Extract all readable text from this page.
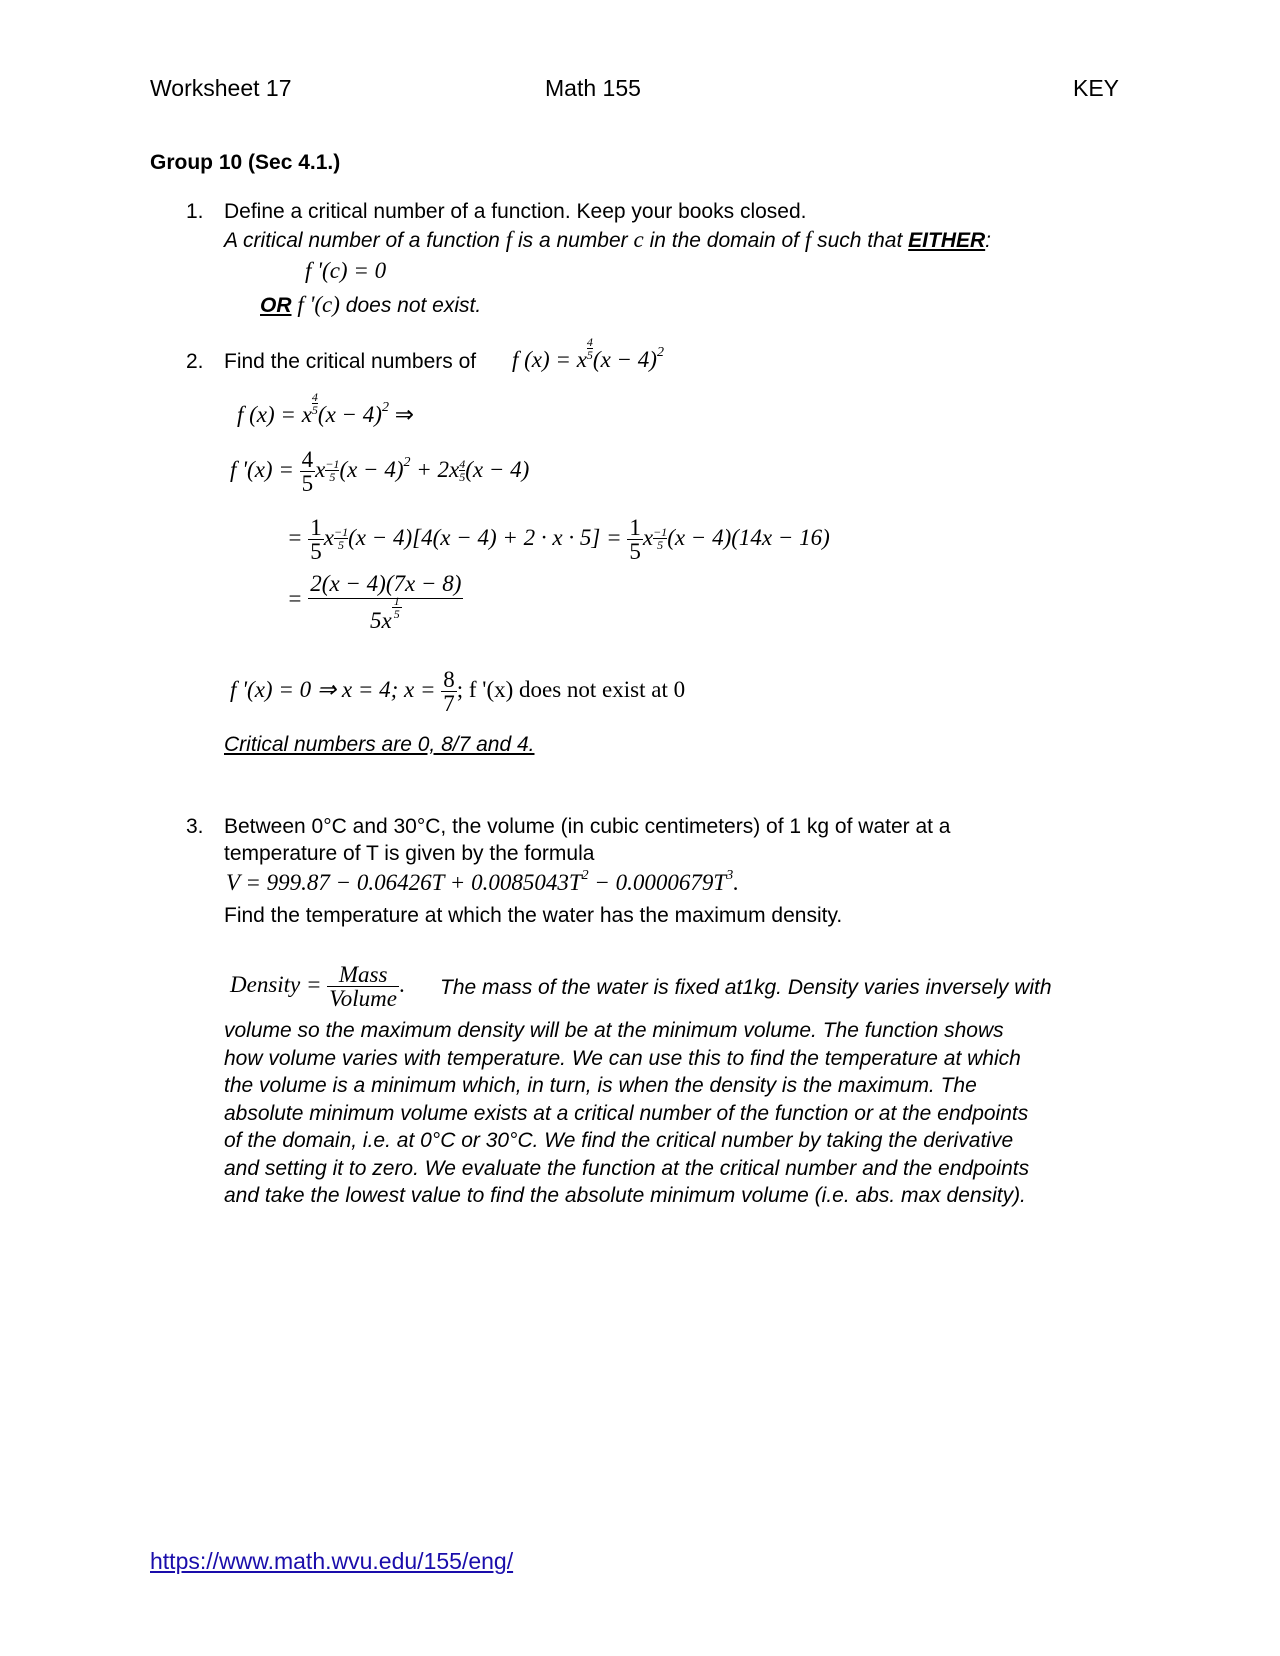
Worksheet 17	Math 155	KEY
Group 10 (Sec 4.1.)
1. Define a critical number of a function. Keep your books closed.
A critical number of a function f is a number c in the domain of f such that EITHER:
f '(c) = 0
OR f '(c) does not exist.
2. Find the critical numbers of f (x) = x $\frac{4}{5} (x - 4)^2$
f (x) = x $\frac{4}{5} (x - 4)^2$ ⇒
f '$(x) = \frac{4}{5}$ x $\frac{-1}{5} (x - 4)^2 + 2x \frac{4}{5} (x - 4)$
= $\frac{1}{5}$ x $\frac{-1}{5} (x - 4)[4(x - 4) + 2 \cdot x \cdot 5] = \frac{1}{5}$ x $\frac{-1}{5} (x - 4)(14x - 16)$
= 2(x − 4)(7x − 8)
5x
$\frac{1}{5}$
f '(x) = 0 ⇒ x = 4; $x = \frac{8}{7}$ ; f '(x) does not exist at 0
Critical numbers are 0, 8/7 and 4.
3. Between 0°C and 30°C, the volume (in cubic centimeters) of 1 kg of water at a
temperature of T is given by the formula
$V = 999.87 - 0.06426T + 0.0085043T^2 - 0.0000679T^3$.
Find the temperature at which the water has the maximum density.
Density = Mass
Volume
. The mass of the water is fixed at1kg. Density varies inversely with
volume so the maximum density will be at the minimum volume. The function shows
how volume varies with temperature. We can use this to find the temperature at which
the volume is a minimum which, in turn, is when the density is the maximum. The
absolute minimum volume exists at a critical number of the function or at the endpoints
of the domain, i.e. at 0°C or 30°C. We find the critical number by taking the derivative
and setting it to zero. We evaluate the function at the critical number and the endpoints
and take the lowest value to find the absolute minimum volume (i.e. abs. max density).
https://www.math.wvu.edu/155/eng/
